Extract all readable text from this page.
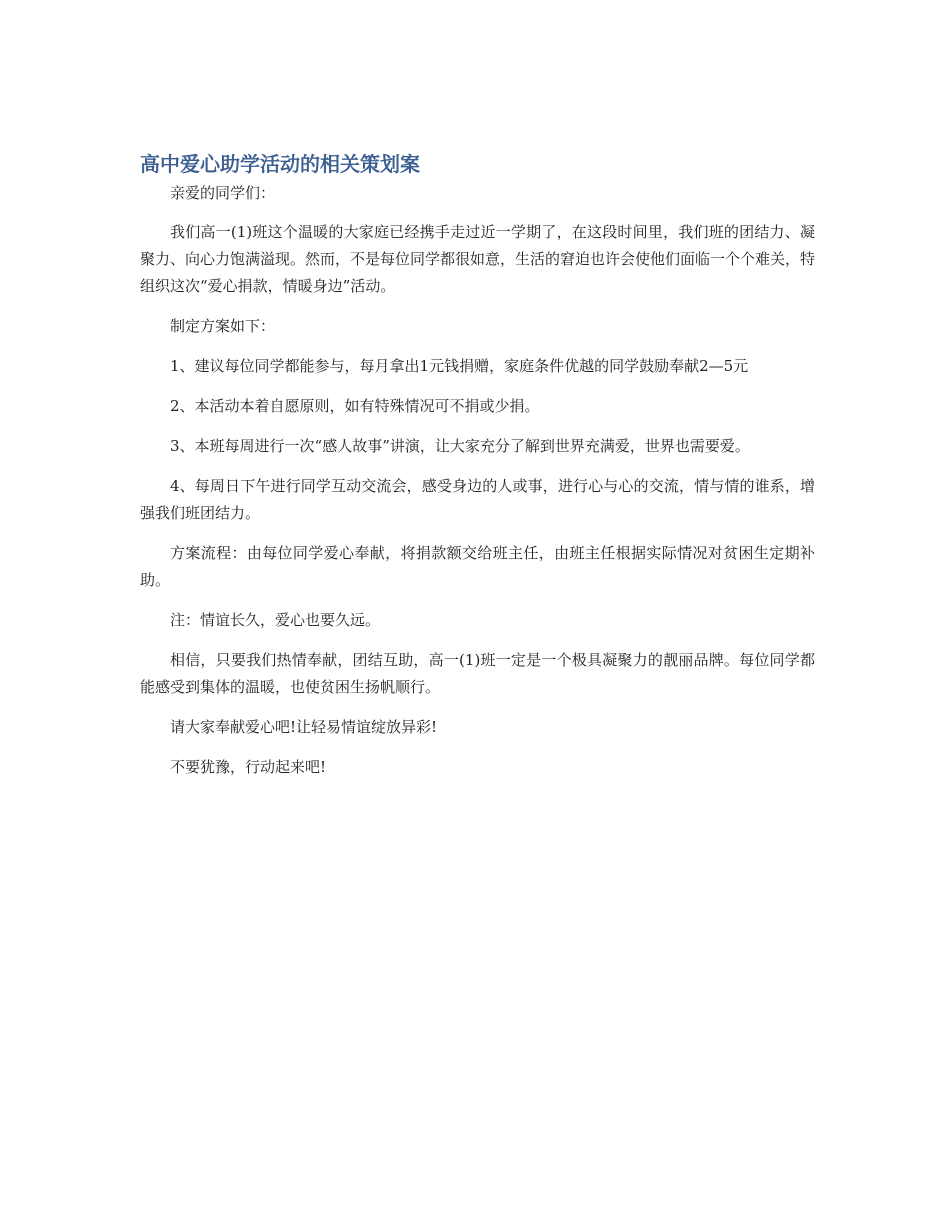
高中爱心助学活动的相关策划案

亲爱的同学们：

我们高一(1)班这个温暖的大家庭已经携手走过近一学期了，在这段时间里，我们班的团结力、凝聚力、向心力饱满溢现。然而，不是每位同学都很如意，生活的窘迫也许会使他们面临一个个难关，特组织这次“爱心捐款，情暖身边”活动。

制定方案如下：

1、建议每位同学都能参与，每月拿出1元钱捐赠，家庭条件优越的同学鼓励奉献2—5元

2、本活动本着自愿原则，如有特殊情况可不捐或少捐。

3、本班每周进行一次“感人故事”讲演，让大家充分了解到世界充满爱，世界也需要爱。

4、每周日下午进行同学互动交流会，感受身边的人或事，进行心与心的交流，情与情的谁系，增强我们班团结力。

方案流程：由每位同学爱心奉献，将捐款额交给班主任，由班主任根据实际情况对贫困生定期补助。

注：情谊长久，爱心也要久远。

相信，只要我们热情奉献，团结互助，高一(1)班一定是一个极具凝聚力的靓丽品牌。每位同学都能感受到集体的温暖，也使贫困生扬帆顺行。

请大家奉献爱心吧!让轻易情谊绽放异彩!

不要犹豫，行动起来吧!
